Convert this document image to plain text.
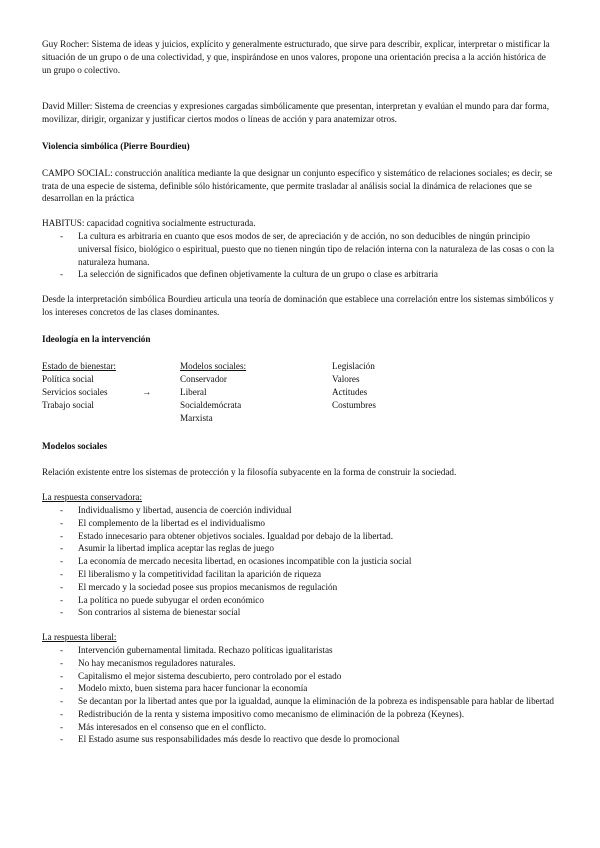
Guy Rocher: Sistema de ideas y juicios, explícito y generalmente estructurado, que sirve para describir, explicar, interpretar o mistificar la situación de un grupo o de una colectividad, y que, inspirándose en unos valores, propone una orientación precisa a la acción histórica de un grupo o colectivo.

David Miller: Sistema de creencias y expresiones cargadas simbólicamente que presentan, interpretan y evalúan el mundo para dar forma, movilizar, dirigir, organizar y justificar ciertos modos o líneas de acción y para anatemizar otros.

Violencia simbólica (Pierre Bourdieu)

CAMPO SOCIAL: construcción analítica mediante la que designar un conjunto específico y sistemático de relaciones sociales; es decir, se trata de una especie de sistema, definible sólo históricamente, que permite trasladar al análisis social la dinámica de relaciones que se desarrollan en la práctica

HABITUS: capacidad cognitiva socialmente estructurada.

- La cultura es arbitraria en cuanto que esos modos de ser, de apreciación y de acción, no son deducibles de ningún principio universal físico, biológico o espiritual, puesto que no tienen ningún tipo de relación interna con la naturaleza de las cosas o con la naturaleza humana.
- La selección de significados que definen objetivamente la cultura de un grupo o clase es arbitraria

Desde la interpretación simbólica Bourdieu articula una teoría de dominación que establece una correlación entre los sistemas simbólicos y los intereses concretos de las clases dominantes.

Ideología en la intervención

Estado de bienestar:
Política social
Servicios sociales
Trabajo social
→
Modelos sociales:
Conservador
Liberal
Socialdemócrata
Marxista
Legislación
Valores
Actitudes
Costumbres

Modelos sociales

Relación existente entre los sistemas de protección y la filosofía subyacente en la forma de construir la sociedad.

La respuesta conservadora:

- Individualismo y libertad, ausencia de coerción individual
- El complemento de la libertad es el individualismo
- Estado innecesario para obtener objetivos sociales. Igualdad por debajo de la libertad.
- Asumir la libertad implica aceptar las reglas de juego
- La economía de mercado necesita libertad, en ocasiones incompatible con la justicia social
- El liberalismo y la competitividad facilitan la aparición de riqueza
- El mercado y la sociedad posee sus propios mecanismos de regulación
- La política no puede subyugar el orden económico
- Son contrarios al sistema de bienestar social

La respuesta liberal:

- Intervención gubernamental limitada. Rechazo políticas igualitaristas
- No hay mecanismos reguladores naturales.
- Capitalismo el mejor sistema descubierto, pero controlado por el estado
- Modelo mixto, buen sistema para hacer funcionar la economía
- Se decantan por la libertad antes que por la igualdad, aunque la eliminación de la pobreza es indispensable para hablar de libertad
- Redistribución de la renta y sistema impositivo como mecanismo de eliminación de la pobreza (Keynes).
- Más interesados en el consenso que en el conflicto.
- El Estado asume sus responsabilidades más desde lo reactivo que desde lo promocional
